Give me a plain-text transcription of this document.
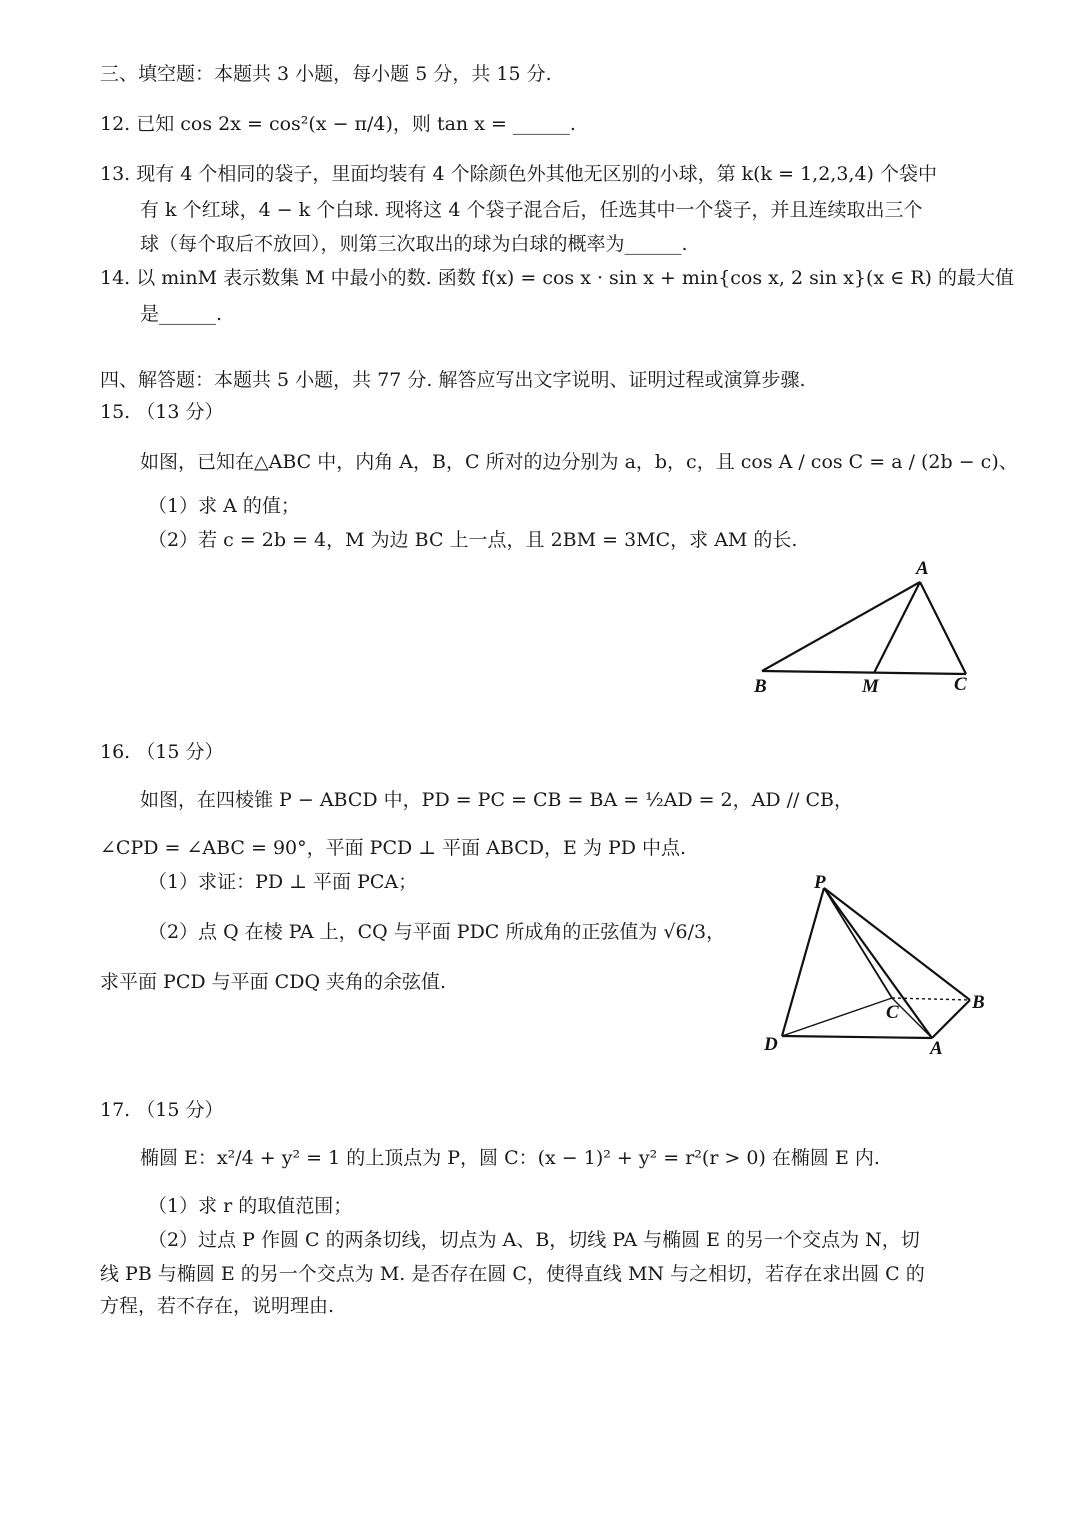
三、填空题：本题共 3 小题，每小题 5 分，共 15 分.
12. 已知 cos 2x = cos²(x − π/4)，则 tan x = ______.
13. 现有 4 个相同的袋子，里面均装有 4 个除颜色外其他无区别的小球，第 k(k = 1,2,3,4) 个袋中
有 k 个红球，4 − k 个白球. 现将这 4 个袋子混合后，任选其中一个袋子，并且连续取出三个
球（每个取后不放回），则第三次取出的球为白球的概率为______.
14. 以 minM 表示数集 M 中最小的数. 函数 f(x) = cos x · sin x + min{cos x, 2 sin x}(x ∈ R) 的最大值
是______.
四、解答题：本题共 5 小题，共 77 分. 解答应写出文字说明、证明过程或演算步骤.
15. （13 分）
如图，已知在△ABC 中，内角 A，B，C 所对的边分别为 a，b，c，且 cos A / cos C = a / (2b − c)、
（1）求 A 的值；
（2）若 c = 2b = 4，M 为边 BC 上一点，且 2BM = 3MC，求 AM 的长.
A
B	M	C
16. （15 分）
如图，在四棱锥 P − ABCD 中，PD = PC = CB = BA = ½AD = 2，AD // CB，
∠CPD = ∠ABC = 90°，平面 PCD ⊥ 平面 ABCD，E 为 PD 中点.
（1）求证：PD ⊥ 平面 PCA；
（2）点 Q 在棱 PA 上，CQ 与平面 PDC 所成角的正弦值为 √6/3，
求平面 PCD 与平面 CDQ 夹角的余弦值.
P
C	B
D	A
17. （15 分）
椭圆 E：x²/4 + y² = 1 的上顶点为 P，圆 C：(x − 1)² + y² = r²(r > 0) 在椭圆 E 内.
（1）求 r 的取值范围；
（2）过点 P 作圆 C 的两条切线，切点为 A、B，切线 PA 与椭圆 E 的另一个交点为 N，切
线 PB 与椭圆 E 的另一个交点为 M. 是否存在圆 C，使得直线 MN 与之相切，若存在求出圆 C 的
方程，若不存在，说明理由.
